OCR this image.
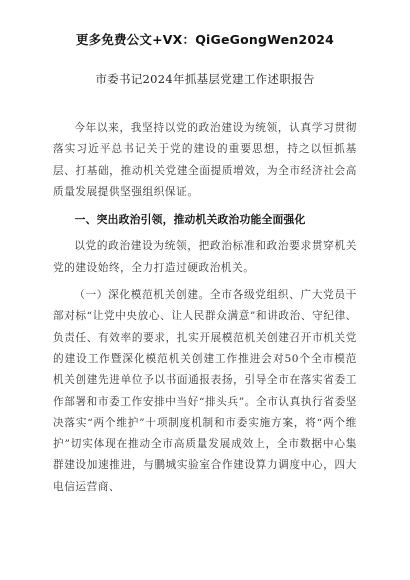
更多免费公文+VX：QiGeGongWen2024
市委书记2024年抓基层党建工作述职报告

今年以来，我坚持以党的政治建设为统领，认真学习贯彻落实习近平总书记关于党的建设的重要思想，持之以恒抓基层、打基础，推动机关党建全面提质增效，为全市经济社会高质量发展提供坚强组织保证。

一、突出政治引领，推动机关政治功能全面强化

以党的政治建设为统领，把政治标准和政治要求贯穿机关党的建设始终，全力打造过硬政治机关。

（一）深化模范机关创建。全市各级党组织、广大党员干部对标“让党中央放心、让人民群众满意”和讲政治、守纪律、负责任、有效率的要求，扎实开展模范机关创建召开市机关党的建设工作暨深化模范机关创建工作推进会对50个全市模范机关创建先进单位予以书面通报表扬，引导全市在落实省委工作部署和市委工作安排中当好“排头兵”。全市认真执行省委坚决落实“两个维护”十项制度机制和市委实施方案，将“两个维护”切实体现在推动全市高质量发展成效上，全市数据中心集群建设加速推进，与鹏城实验室合作建设算力调度中心，四大电信运营商、
